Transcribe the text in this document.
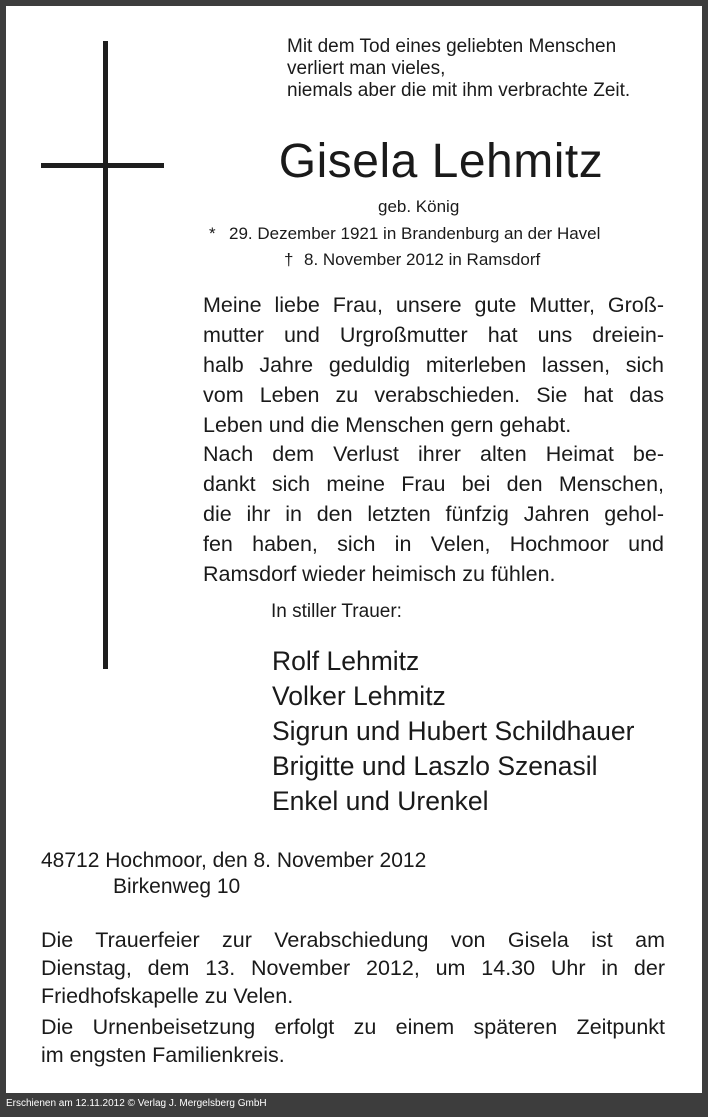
Mit dem Tod eines geliebten Menschen
verliert man vieles,
niemals aber die mit ihm verbrachte Zeit.
Gisela Lehmitz
geb. König
* 29. Dezember 1921 in Brandenburg an der Havel
† 8. November 2012 in Ramsdorf
Meine liebe Frau, unsere gute Mutter, Groß-
mutter und Urgroßmutter hat uns dreiein-
halb Jahre geduldig miterleben lassen, sich
vom Leben zu verabschieden. Sie hat das
Leben und die Menschen gern gehabt.
Nach dem Verlust ihrer alten Heimat be-
dankt sich meine Frau bei den Menschen,
die ihr in den letzten fünfzig Jahren gehol-
fen haben, sich in Velen, Hochmoor und
Ramsdorf wieder heimisch zu fühlen.
In stiller Trauer:
Rolf Lehmitz
Volker Lehmitz
Sigrun und Hubert Schildhauer
Brigitte und Laszlo Szenasil
Enkel und Urenkel
48712 Hochmoor, den 8. November 2012
Birkenweg 10
Die Trauerfeier zur Verabschiedung von Gisela ist am
Dienstag, dem 13. November 2012, um 14.30 Uhr in der
Friedhofskapelle zu Velen.
Die Urnenbeisetzung erfolgt zu einem späteren Zeitpunkt
im engsten Familienkreis.
Erschienen am 12.11.2012 © Verlag J. Mergelsberg GmbH
